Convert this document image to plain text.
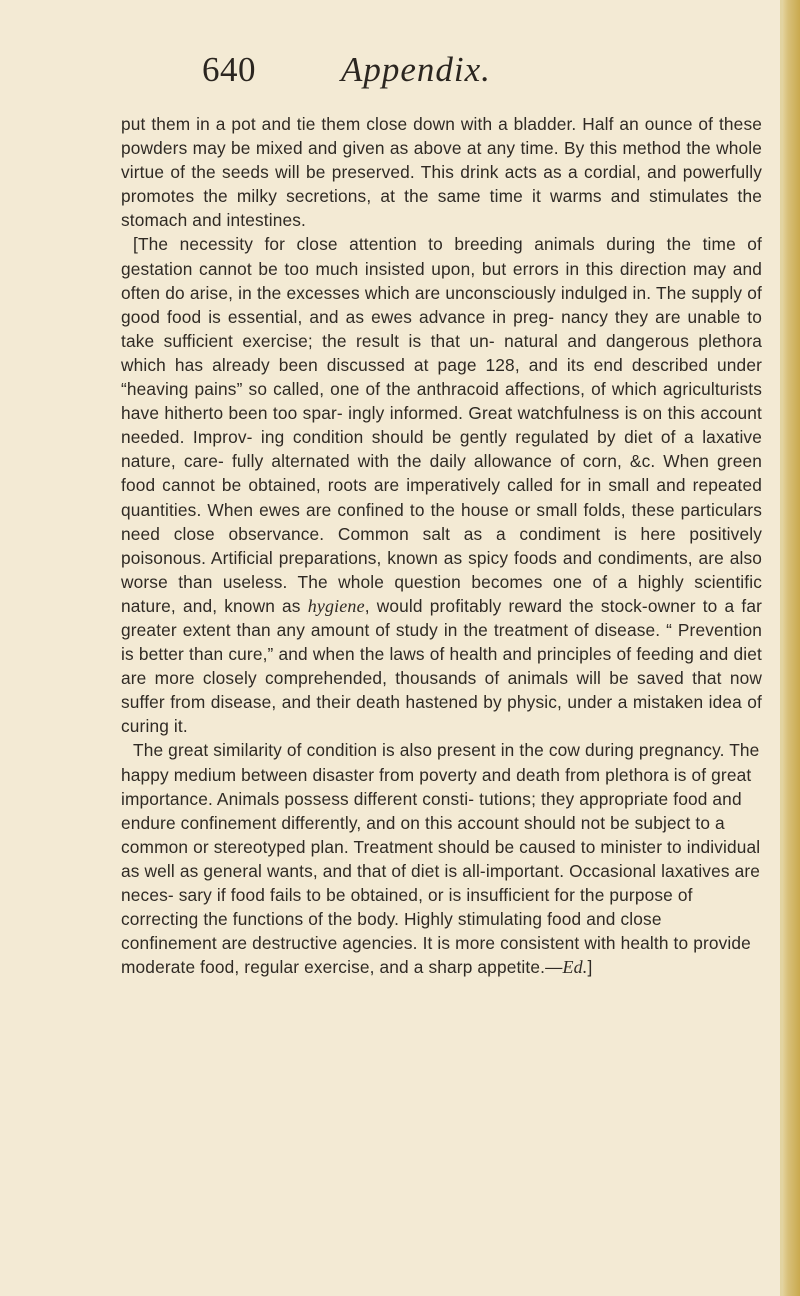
640 Appendix.

put them in a pot and tie them close down with a bladder. Half an ounce of these powders may be mixed and given as above at any time. By this method the whole virtue of the seeds will be preserved. This drink acts as a cordial, and powerfully promotes the milky secretions, at the same time it warms and stimulates the stomach and intestines.

[The necessity for close attention to breeding animals during the time of gestation cannot be too much insisted upon, but errors in this direction may and often do arise, in the excesses which are unconsciously indulged in. The supply of good food is essential, and as ewes advance in preg- nancy they are unable to take sufficient exercise; the result is that un- natural and dangerous plethora which has already been discussed at page 128, and its end described under “heaving pains” so called, one of the anthracoid affections, of which agriculturists have hitherto been too spar- ingly informed. Great watchfulness is on this account needed. Improv- ing condition should be gently regulated by diet of a laxative nature, care- fully alternated with the daily allowance of corn, &c. When green food cannot be obtained, roots are imperatively called for in small and repeated quantities. When ewes are confined to the house or small folds, these particulars need close observance. Common salt as a condiment is here positively poisonous. Artificial preparations, known as spicy foods and condiments, are also worse than useless. The whole question becomes one of a highly scientific nature, and, known as hygiene, would profitably reward the stock-owner to a far greater extent than any amount of study in the treatment of disease. “ Prevention is better than cure,” and when the laws of health and principles of feeding and diet are more closely comprehended, thousands of animals will be saved that now suffer from disease, and their death hastened by physic, under a mistaken idea of curing it.

The great similarity of condition is also present in the cow during pregnancy. The happy medium between disaster from poverty and death from plethora is of great importance. Animals possess different consti- tutions; they appropriate food and endure confinement differently, and on this account should not be subject to a common or stereotyped plan. Treatment should be caused to minister to individual as well as general wants, and that of diet is all-important. Occasional laxatives are neces- sary if food fails to be obtained, or is insufficient for the purpose of correcting the functions of the body. Highly stimulating food and close confinement are destructive agencies. It is more consistent with health to provide moderate food, regular exercise, and a sharp appetite.—Ed.]
